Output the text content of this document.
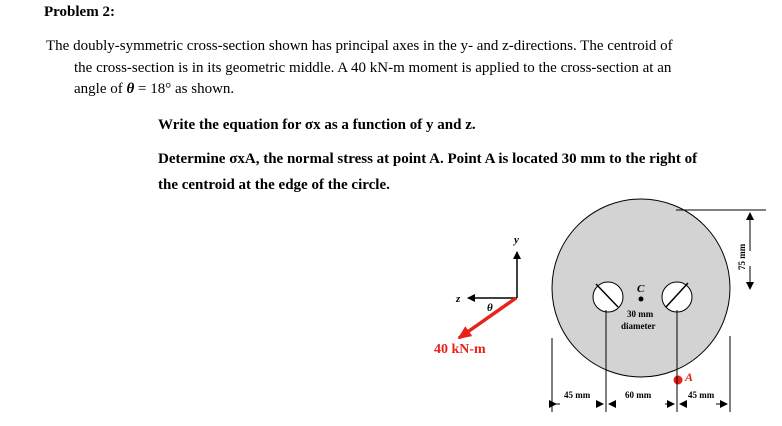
Problem 2:

The doubly-symmetric cross-section shown has principal axes in the y- and z-directions. The centroid of

the cross-section is in its geometric middle. A 40 kN-m moment is applied to the cross-section at an

angle of θ = 18° as shown.

Write the equation for σx as a function of y and z.
Determine σxA, the normal stress at point A. Point A is located 30 mm to the right of
the centroid at the edge of the circle.
y
z
θ
40 kN-m
C
30 mm
diameter
A
45 mm	60 mm	45 mm
75 mm
